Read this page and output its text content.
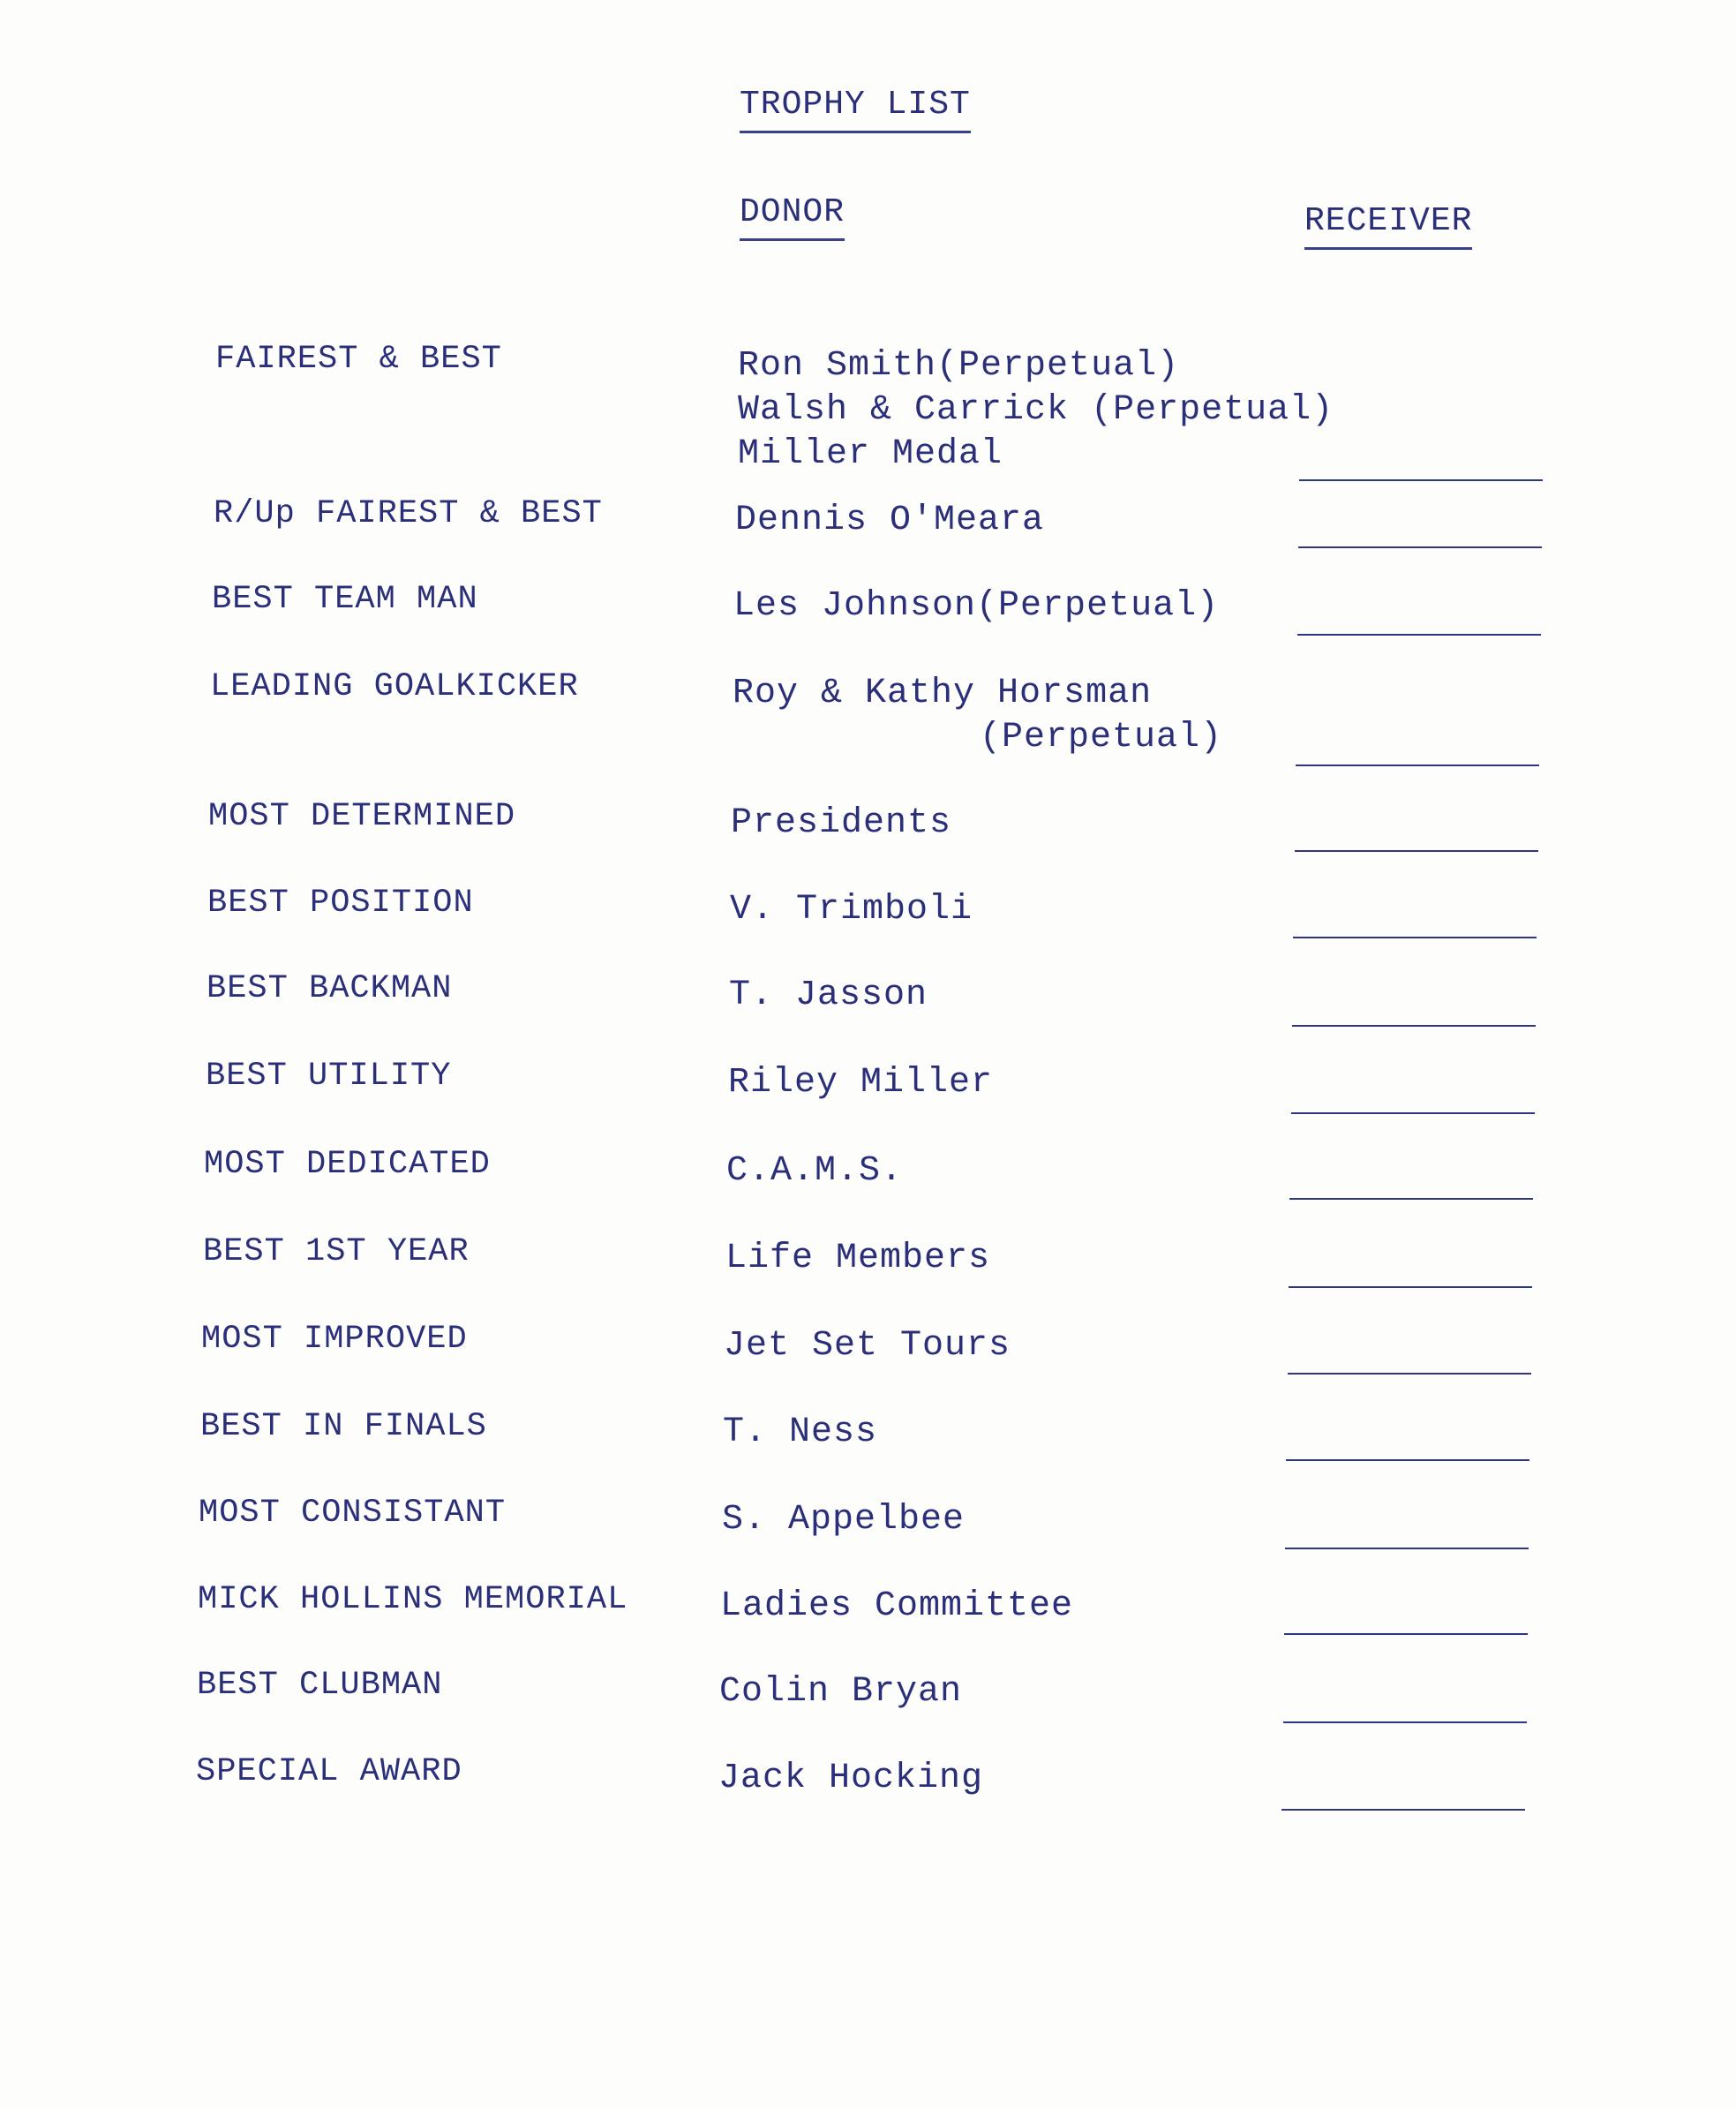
TROPHY LIST
DONOR	RECEIVER
FAIREST & BEST	Ron Smith(Perpetual)
Walsh & Carrick (Perpetual)
Miller Medal
R/Up FAIREST & BEST	Dennis O'Meara
BEST TEAM MAN	Les Johnson(Perpetual)
LEADING GOALKICKER	Roy & Kathy Horsman
(Perpetual)
MOST DETERMINED	Presidents
BEST POSITION	V. Trimboli
BEST BACKMAN	T. Jasson
BEST UTILITY	Riley Miller
MOST DEDICATED	C.A.M.S.
BEST 1ST YEAR	Life Members
MOST IMPROVED	Jet Set Tours
BEST IN FINALS	T. Ness
MOST CONSISTANT	S. Appelbee
MICK HOLLINS MEMORIAL	Ladies Committee
BEST CLUBMAN	Colin Bryan
SPECIAL AWARD	Jack Hocking
